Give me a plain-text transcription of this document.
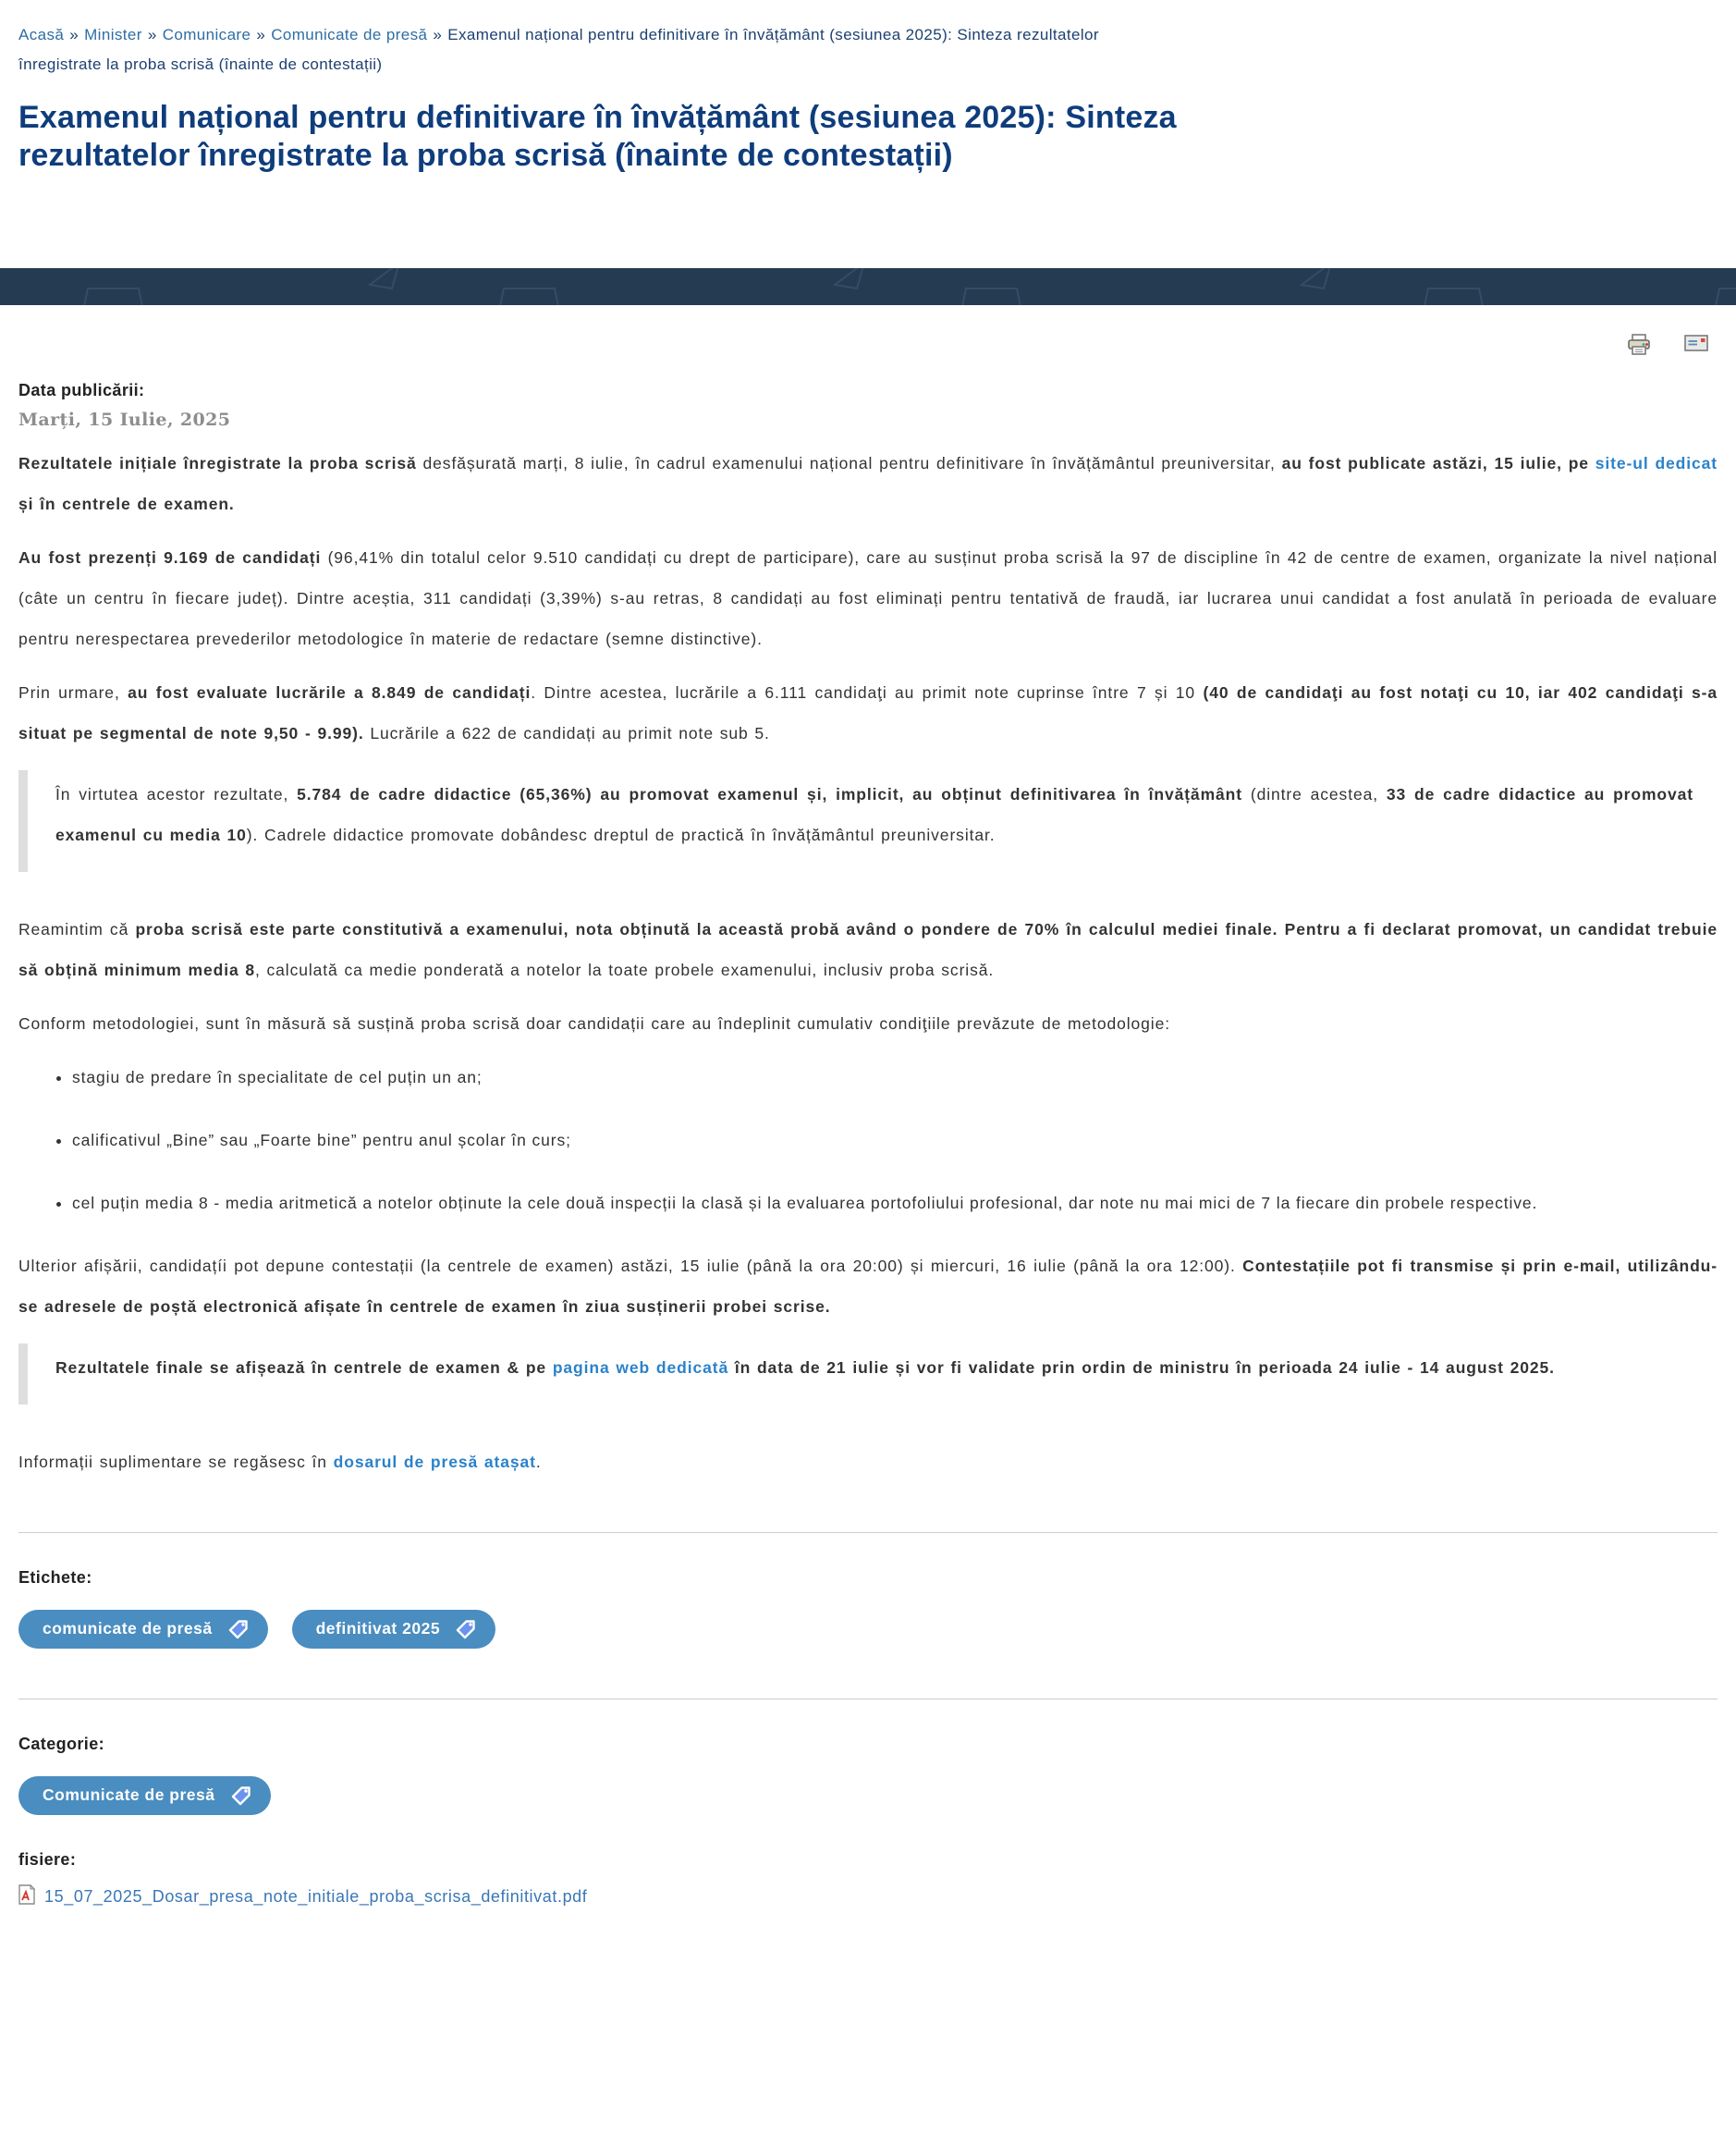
Acasă » Minister » Comunicare » Comunicate de presă » Examenul național pentru definitivare în învățământ (sesiunea 2025): Sinteza rezultatelor înregistrate la proba scrisă (înainte de contestații)
Examenul național pentru definitivare în învățământ (sesiunea 2025): Sinteza rezultatelor înregistrate la proba scrisă (înainte de contestații)
Data publicării:
Marți, 15 Iulie, 2025

Rezultatele inițiale înregistrate la proba scrisă desfășurată marți, 8 iulie, în cadrul examenului național pentru definitivare în învățământul preuniversitar, au fost publicate astăzi, 15 iulie, pe site-ul dedicat și în centrele de examen.

Au fost prezenți 9.169 de candidați (96,41% din totalul celor 9.510 candidați cu drept de participare), care au susținut proba scrisă la 97 de discipline în 42 de centre de examen, organizate la nivel național (câte un centru în fiecare județ). Dintre aceștia, 311 candidați (3,39%) s-au retras, 8 candidați au fost eliminați pentru tentativă de fraudă, iar lucrarea unui candidat a fost anulată în perioada de evaluare pentru nerespectarea prevederilor metodologice în materie de redactare (semne distinctive).

Prin urmare, au fost evaluate lucrările a 8.849 de candidați. Dintre acestea, lucrările a 6.111 candidaţi au primit note cuprinse între 7 și 10 (40 de candidaţi au fost notaţi cu 10, iar 402 candidaţi s-a situat pe segmental de note 9,50 - 9.99). Lucrările a 622 de candidați au primit note sub 5.

În virtutea acestor rezultate, 5.784 de cadre didactice (65,36%) au promovat examenul și, implicit, au obținut definitivarea în învățământ (dintre acestea, 33 de cadre didactice au promovat examenul cu media 10). Cadrele didactice promovate dobândesc dreptul de practică în învățământul preuniversitar.

Reamintim că proba scrisă este parte constitutivă a examenului, nota obținută la această probă având o pondere de 70% în calculul mediei finale. Pentru a fi declarat promovat, un candidat trebuie să obțină minimum media 8, calculată ca medie ponderată a notelor la toate probele examenului, inclusiv proba scrisă.

Conform metodologiei, sunt în măsură să susțină proba scrisă doar candidații care au îndeplinit cumulativ condiţiile prevăzute de metodologie:

• stagiu de predare în specialitate de cel puțin un an;
• calificativul „Bine” sau „Foarte bine” pentru anul școlar în curs;
• cel puțin media 8 - media aritmetică a notelor obținute la cele două inspecții la clasă și la evaluarea portofoliului profesional, dar note nu mai mici de 7 la fiecare din probele respective.

Ulterior afișării, candidațíi pot depune contestații (la centrele de examen) astăzi, 15 iulie (până la ora 20:00) și miercuri, 16 iulie (până la ora 12:00). Contestațiile pot fi transmise și prin e-mail, utilizându-se adresele de poștă electronică afișate în centrele de examen în ziua susținerii probei scrise.

Rezultatele finale se afișează în centrele de examen & pe pagina web dedicată în data de 21 iulie și vor fi validate prin ordin de ministru în perioada 24 iulie - 14 august 2025.

Informații suplimentare se regăsesc în dosarul de presă atașat.

Etichete:
comunicate de presă	definitivat 2025
Categorie:
Comunicate de presă
fisiere:
15_07_2025_Dosar_presa_note_initiale_proba_scrisa_definitivat.pdf
